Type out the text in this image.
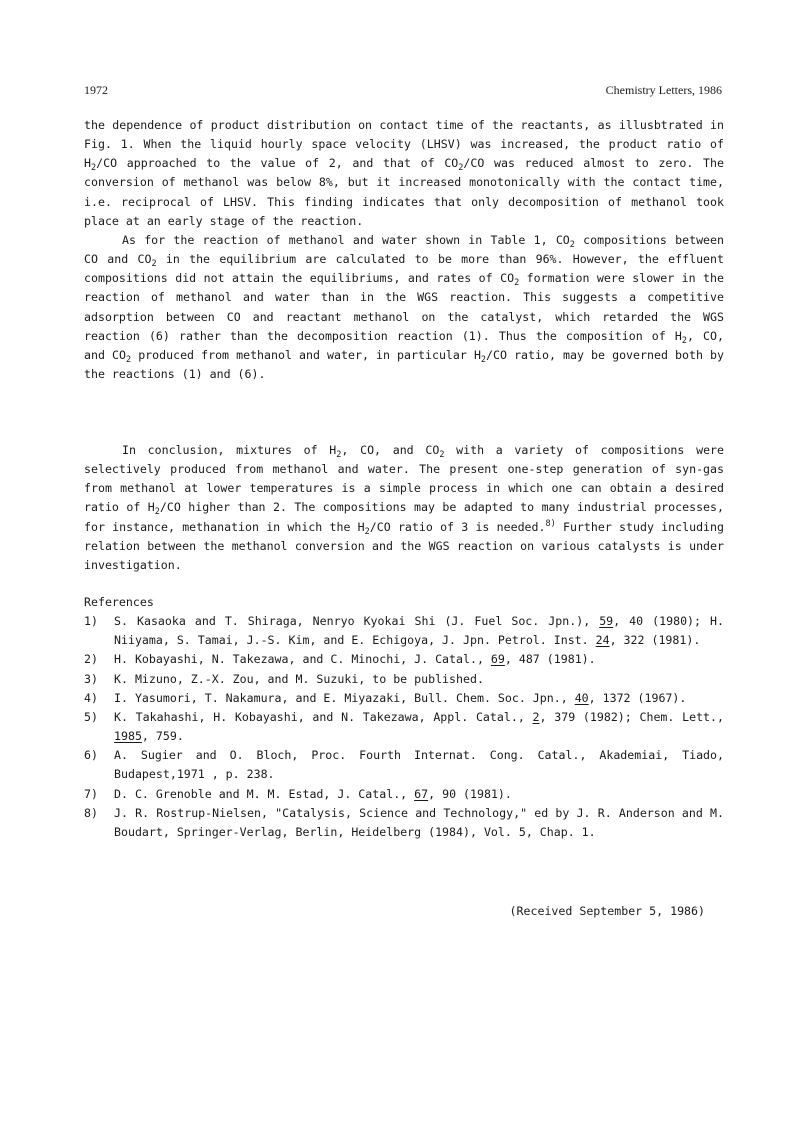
1972	Chemistry Letters, 1986

the dependence of product distribution on contact time of the reactants, as illusbtrated in Fig. 1. When the liquid hourly space velocity (LHSV) was increased, the product ratio of $H_2/CO$ approached to the value of 2, and that of $CO_2/CO$ was reduced almost to zero. The conversion of methanol was below 8%, but it increased monotonically with the contact time, i.e. reciprocal of LHSV. This finding indicates that only decomposition of methanol took place at an early stage of the reaction.

As for the reaction of methanol and water shown in Table 1, $CO_2$ compositions between CO and $CO_2$ in the equilibrium are calculated to be more than 96%. However, the effluent compositions did not attain the equilibriums, and rates of $CO_2$ formation were slower in the reaction of methanol and water than in the WGS reaction. This suggests a competitive adsorption between CO and reactant methanol on the catalyst, which retarded the WGS reaction (6) rather than the decomposition reaction (1). Thus the composition of $H_2$, CO, and $CO_2$ produced from methanol and water, in particular $H_2/CO$ ratio, may be governed both by the reactions (1) and (6).

In conclusion, mixtures of $H_2$, CO, and $CO_2$ with a variety of compositions were selectively produced from methanol and water. The present one-step generation of syn-gas from methanol at lower temperatures is a simple process in which one can obtain a desired ratio of $H_2/CO$ higher than 2. The compositions may be adapted to many industrial processes, for instance, methanation in which the $H_2/CO$ ratio of 3 is needed.$^{8)}$ Further study including relation between the methanol conversion and the WGS reaction on various catalysts is under investigation.

References

1)	S. Kasaoka and T. Shiraga, Nenryo Kyokai Shi (J. Fuel Soc. Jpn.), 59, 40 (1980); H. Niiyama, S. Tamai, J.-S. Kim, and E. Echigoya, J. Jpn. Petrol. Inst. 24, 322 (1981).
2)	H. Kobayashi, N. Takezawa, and C. Minochi, J. Catal., 69, 487 (1981).
3)	K. Mizuno, Z.-X. Zou, and M. Suzuki, to be published.
4)	I. Yasumori, T. Nakamura, and E. Miyazaki, Bull. Chem. Soc. Jpn., 40, 1372 (1967).
5)	K. Takahashi, H. Kobayashi, and N. Takezawa, Appl. Catal., 2, 379 (1982); Chem. Lett., 1985, 759.
6)	A. Sugier and O. Bloch, Proc. Fourth Internat. Cong. Catal., Akademiai, Tiado, Budapest,1971 , p. 238.
7)	D. C. Grenoble and M. M. Estad, J. Catal., 67, 90 (1981).
8)	J. R. Rostrup-Nielsen, "Catalysis, Science and Technology," ed by J. R. Anderson and M. Boudart, Springer-Verlag, Berlin, Heidelberg (1984), Vol. 5, Chap. 1.
(Received September 5, 1986)
